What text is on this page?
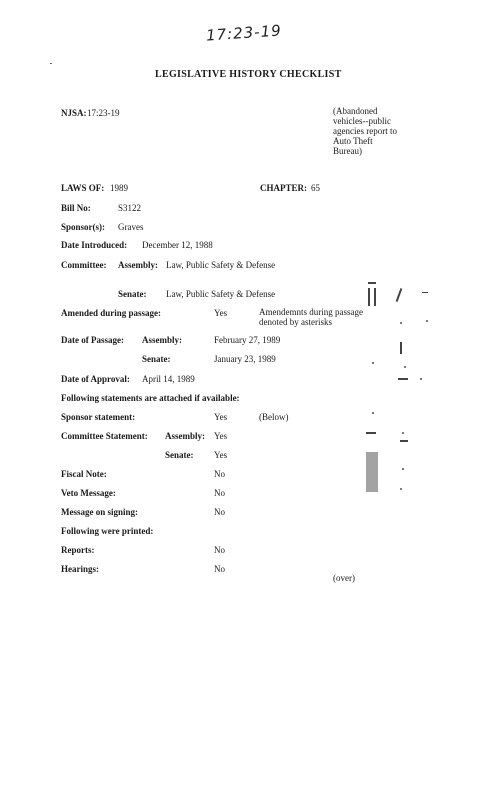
17:23-19
LEGISLATIVE HISTORY CHECKLIST
NJSA: 17:23-19	(Abandoned
vehicles--public
agencies report to
Auto Theft
Bureau)
LAWS OF: 1989	CHAPTER: 65
Bill No:	S3122
Sponsor(s): Graves
Date Introduced: December 12, 1988
Committee: Assembly: Law, Public Safety & Defense
Senate: Law, Public Safety & Defense
Amended during passage:	Yes	Amendemnts during passage denoted by asterisks
Date of Passage: Assembly:	February 27, 1989
Senate:	January 23, 1989
Date of Approval: April 14, 1989
Following statements are attached if available:
Sponsor statement:	Yes	(Below)
Committee Statement: Assembly: Yes
Senate: Yes
Fiscal Note:	No
Veto Message:	No
Message on signing:	No
Following were printed:
Reports:	No
Hearings:	No
(over)
